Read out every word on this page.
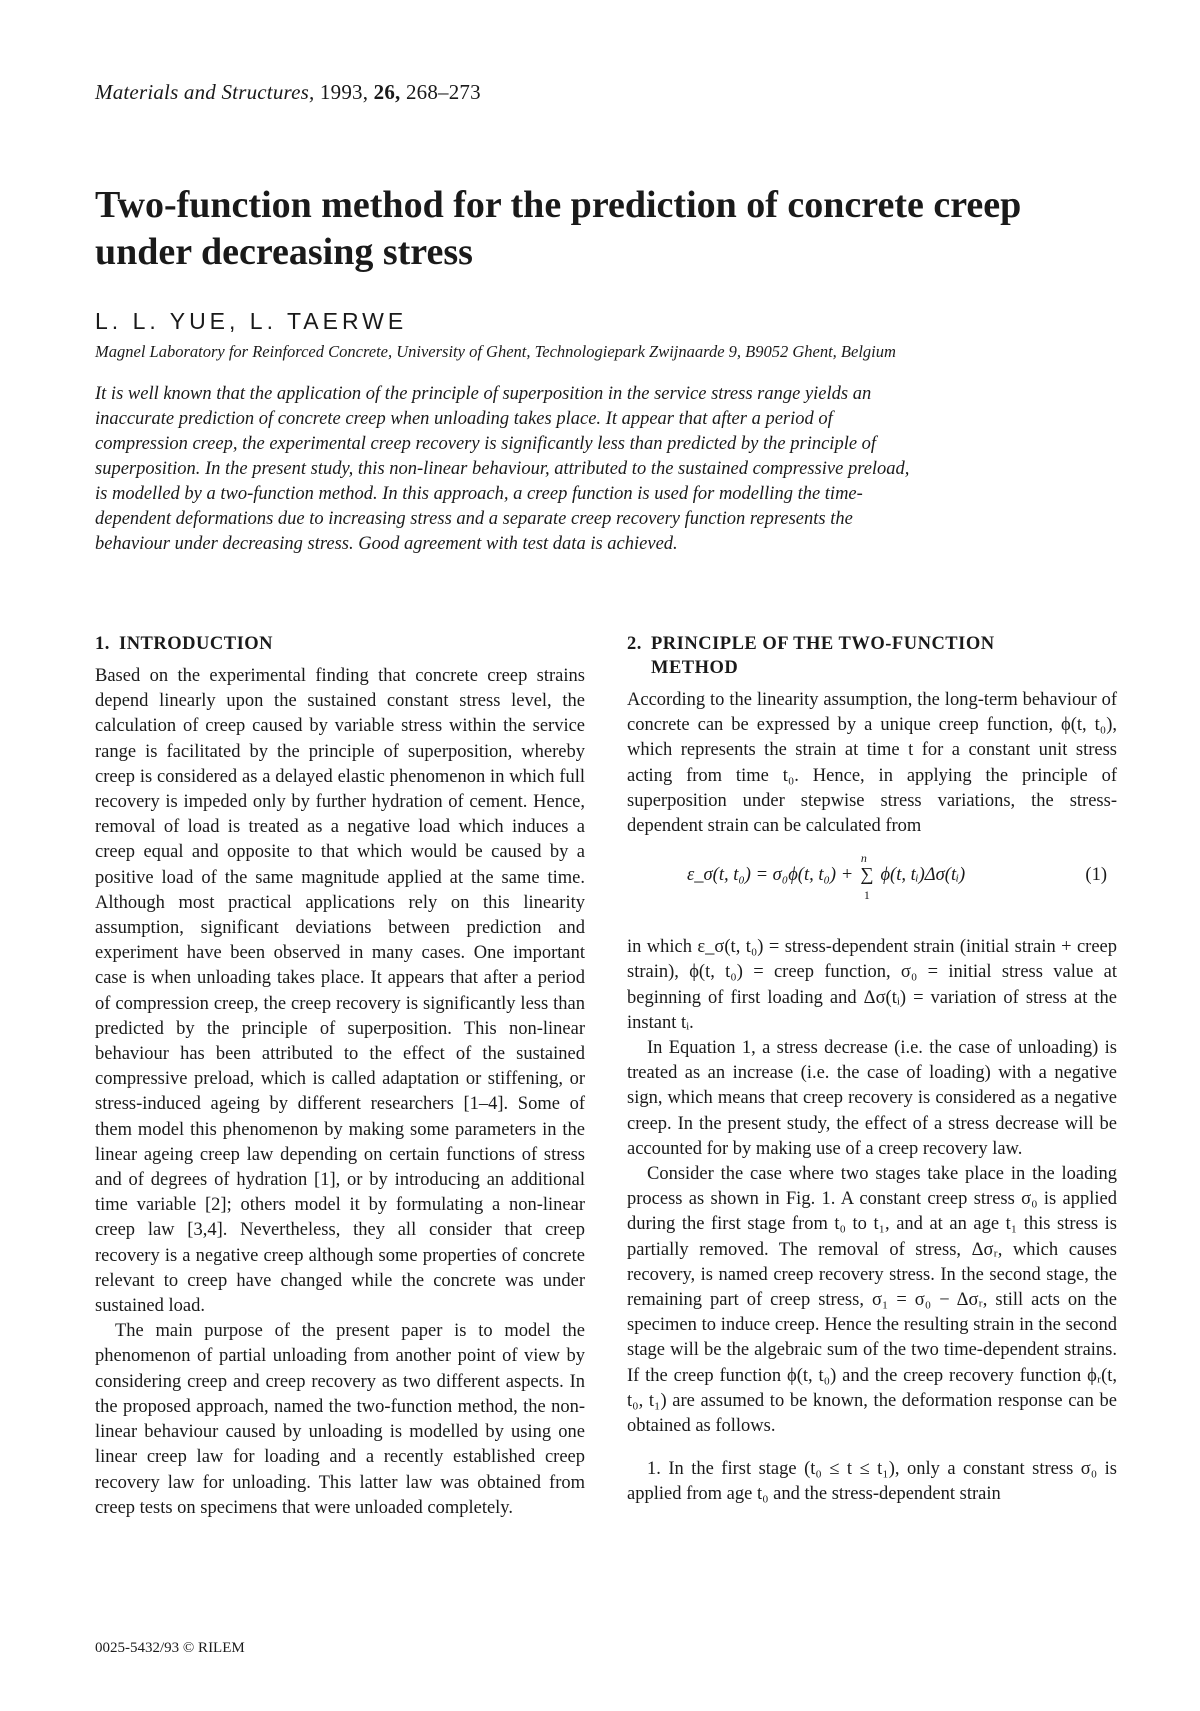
Materials and Structures, 1993, 26, 268–273
Two-function method for the prediction of concrete creep under decreasing stress
L. L. YUE, L. TAERWE
Magnel Laboratory for Reinforced Concrete, University of Ghent, Technologiepark Zwijnaarde 9, B9052 Ghent, Belgium

It is well known that the application of the principle of superposition in the service stress range yields an inaccurate prediction of concrete creep when unloading takes place. It appear that after a period of compression creep, the experimental creep recovery is significantly less than predicted by the principle of superposition. In the present study, this non-linear behaviour, attributed to the sustained compressive preload, is modelled by a two-function method. In this approach, a creep function is used for modelling the time-dependent deformations due to increasing stress and a separate creep recovery function represents the behaviour under decreasing stress. Good agreement with test data is achieved.

1. INTRODUCTION

Based on the experimental finding that concrete creep strains depend linearly upon the sustained constant stress level, the calculation of creep caused by variable stress within the service range is facilitated by the principle of superposition, whereby creep is considered as a delayed elastic phenomenon in which full recovery is impeded only by further hydration of cement. Hence, removal of load is treated as a negative load which induces a creep equal and opposite to that which would be caused by a positive load of the same magnitude applied at the same time. Although most practical applications rely on this linearity assumption, significant deviations between prediction and experiment have been observed in many cases. One important case is when unloading takes place. It appears that after a period of compression creep, the creep recovery is significantly less than predicted by the principle of superposition. This non-linear behaviour has been attributed to the effect of the sustained compressive preload, which is called adaptation or stiffening, or stress-induced ageing by different researchers [1–4]. Some of them model this phenomenon by making some parameters in the linear ageing creep law depending on certain functions of stress and of degrees of hydration [1], or by introducing an additional time variable [2]; others model it by formulating a non-linear creep law [3,4]. Nevertheless, they all consider that creep recovery is a negative creep although some properties of concrete relevant to creep have changed while the concrete was under sustained load.

The main purpose of the present paper is to model the phenomenon of partial unloading from another point of view by considering creep and creep recovery as two different aspects. In the proposed approach, named the two-function method, the non-linear behaviour caused by unloading is modelled by using one linear creep law for loading and a recently established creep recovery law for unloading. This latter law was obtained from creep tests on specimens that were unloaded completely.

2. PRINCIPLE OF THE TWO-FUNCTION
METHOD

According to the linearity assumption, the long-term behaviour of concrete can be expressed by a unique creep function, ϕ(t, t₀), which represents the strain at time t for a constant unit stress acting from time t₀. Hence, in applying the principle of superposition under stepwise stress variations, the stress-dependent strain can be calculated from

ε_σ(t, t₀) = σ₀ϕ(t, t₀) + ∑
n
1
ϕ(t, tᵢ)Δσ(tᵢ)	(1)

in which ε_σ(t, t₀) = stress-dependent strain (initial strain + creep strain), ϕ(t, t₀) = creep function, σ₀ = initial stress value at beginning of first loading and Δσ(tᵢ) = variation of stress at the instant tᵢ.

In Equation 1, a stress decrease (i.e. the case of unloading) is treated as an increase (i.e. the case of loading) with a negative sign, which means that creep recovery is considered as a negative creep. In the present study, the effect of a stress decrease will be accounted for by making use of a creep recovery law.

Consider the case where two stages take place in the loading process as shown in Fig. 1. A constant creep stress σ₀ is applied during the first stage from t₀ to t₁, and at an age t₁ this stress is partially removed. The removal of stress, Δσᵣ, which causes recovery, is named creep recovery stress. In the second stage, the remaining part of creep stress, σ₁ = σ₀ − Δσᵣ, still acts on the specimen to induce creep. Hence the resulting strain in the second stage will be the algebraic sum of the two time-dependent strains. If the creep function ϕ(t, t₀) and the creep recovery function ϕᵣ(t, t₀, t₁) are assumed to be known, the deformation response can be obtained as follows.

1. In the first stage (t₀ ≤ t ≤ t₁), only a constant stress σ₀ is applied from age t₀ and the stress-dependent strain

0025-5432/93 © RILEM
